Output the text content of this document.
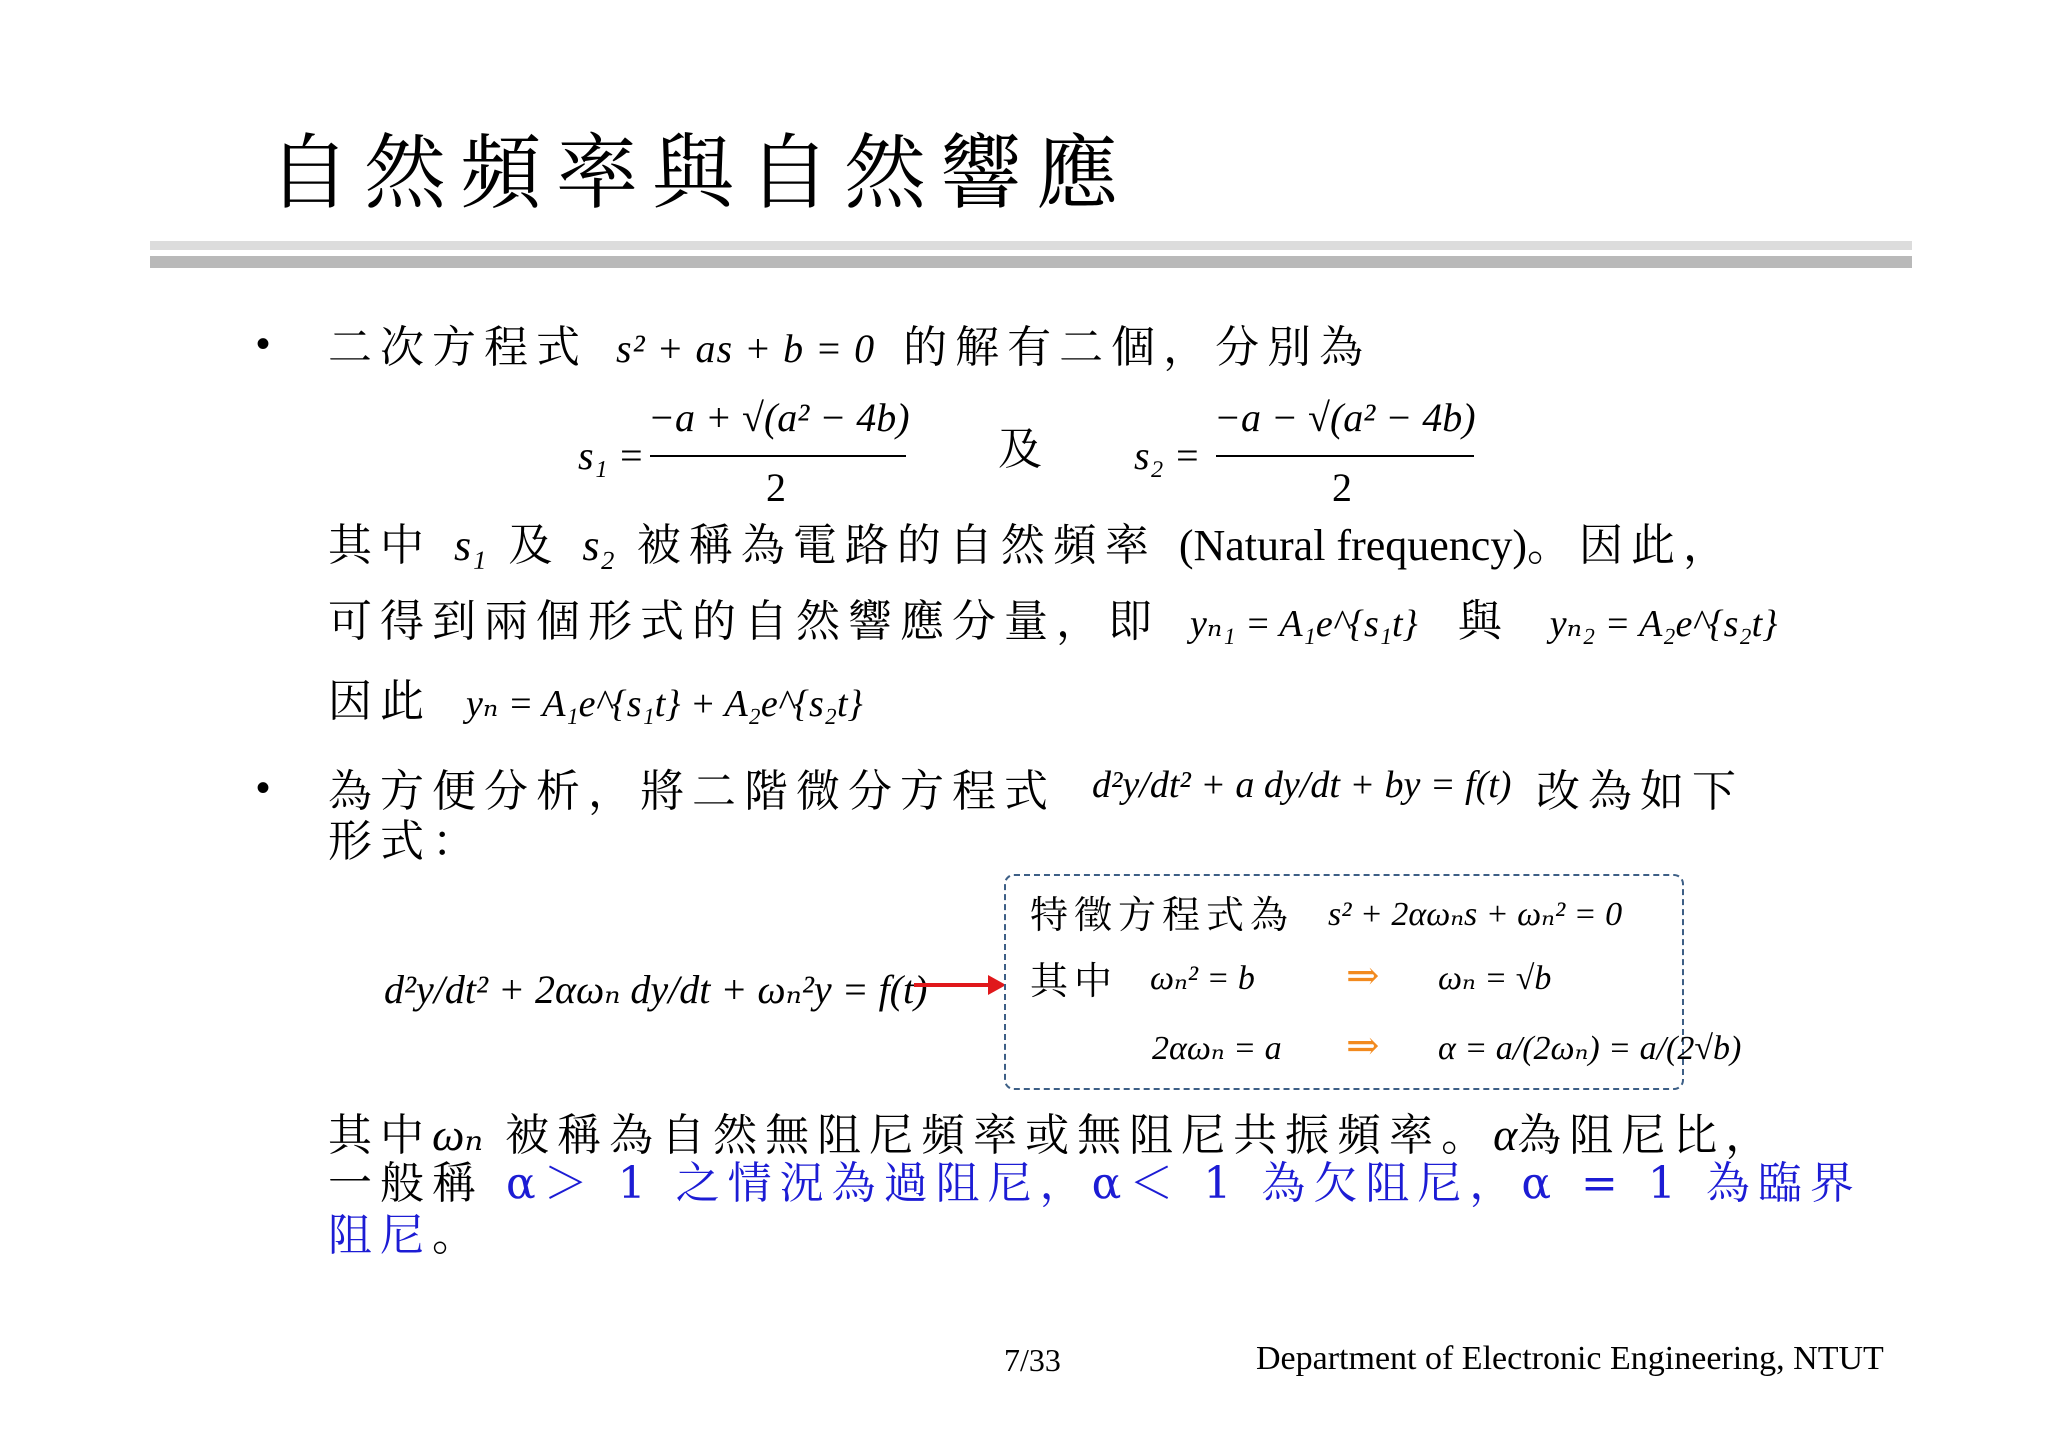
自然頻率與自然響應
• 二次方程式 s² + as + b = 0 的解有二個，分別為
s₁ =
−a + √(a² − 4b)
2
及 s₂ =
−a − √(a² − 4b)
2
其中 s₁ 及 s₂ 被稱為電路的自然頻率 (Natural frequency)。因此，
可得到兩個形式的自然響應分量，即 yₙ₁ = A₁e^{s₁t} 與 yₙ₂ = A₂e^{s₂t}
因此 yₙ = A₁e^{s₁t} + A₂e^{s₂t}
• 為方便分析，將二階微分方程式 d²y/dt² + a dy/dt + by = f(t) 改為如下
形式：
d²y/dt² + 2αωₙ dy/dt + ωₙ²y = f(t)
特徵方程式為 s² + 2αωₙs + ωₙ² = 0
其中 ωₙ² = b ⇒ ωₙ = √b
2αωₙ = a ⇒ α = a/(2ωₙ) = a/(2√b)
其中ωₙ 被稱為自然無阻尼頻率或無阻尼共振頻率。α為阻尼比，
一般稱 α＞ 1 之情況為過阻尼，α＜ 1 為欠阻尼，α = 1 為臨界
阻尼。
7/33	Department of Electronic Engineering, NTUT
